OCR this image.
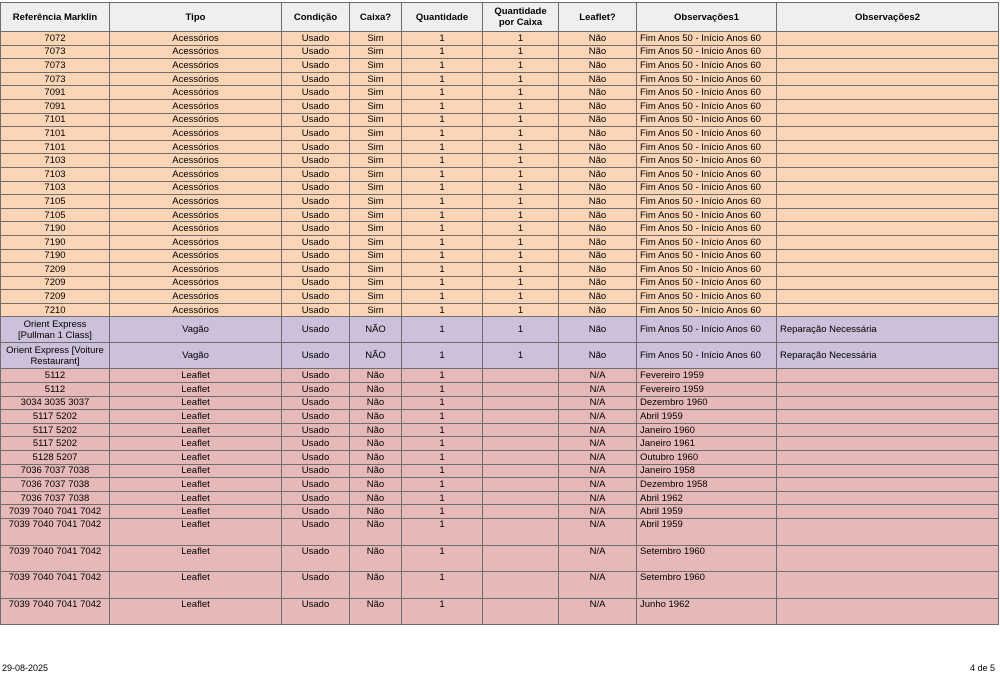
Referência Marklin	Tipo	Condição	Caixa?	Quantidade	Quantidade por Caixa	Leaflet?	Observações1	Observações2
7072	Acessórios	Usado	Sim	1	1	Não	Fim Anos 50 - Início Anos 60	
7073	Acessórios	Usado	Sim	1	1	Não	Fim Anos 50 - Início Anos 60	
7073	Acessórios	Usado	Sim	1	1	Não	Fim Anos 50 - Início Anos 60	
7073	Acessórios	Usado	Sim	1	1	Não	Fim Anos 50 - Início Anos 60	
7091	Acessórios	Usado	Sim	1	1	Não	Fim Anos 50 - Início Anos 60	
7091	Acessórios	Usado	Sim	1	1	Não	Fim Anos 50 - Início Anos 60	
7101	Acessórios	Usado	Sim	1	1	Não	Fim Anos 50 - Início Anos 60	
7101	Acessórios	Usado	Sim	1	1	Não	Fim Anos 50 - Início Anos 60	
7101	Acessórios	Usado	Sim	1	1	Não	Fim Anos 50 - Início Anos 60	
7103	Acessórios	Usado	Sim	1	1	Não	Fim Anos 50 - Início Anos 60	
7103	Acessórios	Usado	Sim	1	1	Não	Fim Anos 50 - Início Anos 60	
7103	Acessórios	Usado	Sim	1	1	Não	Fim Anos 50 - Início Anos 60	
7105	Acessórios	Usado	Sim	1	1	Não	Fim Anos 50 - Início Anos 60	
7105	Acessórios	Usado	Sim	1	1	Não	Fim Anos 50 - Início Anos 60	
7190	Acessórios	Usado	Sim	1	1	Não	Fim Anos 50 - Início Anos 60	
7190	Acessórios	Usado	Sim	1	1	Não	Fim Anos 50 - Início Anos 60	
7190	Acessórios	Usado	Sim	1	1	Não	Fim Anos 50 - Início Anos 60	
7209	Acessórios	Usado	Sim	1	1	Não	Fim Anos 50 - Início Anos 60	
7209	Acessórios	Usado	Sim	1	1	Não	Fim Anos 50 - Início Anos 60	
7209	Acessórios	Usado	Sim	1	1	Não	Fim Anos 50 - Início Anos 60	
7210	Acessórios	Usado	Sim	1	1	Não	Fim Anos 50 - Início Anos 60	
Orient Express [Pullman 1 Class]	Vagão	Usado	NÃO	1	1	Não	Fim Anos 50 - Início Anos 60	Reparação Necessária
Orient Express [Voiture Restaurant]	Vagão	Usado	NÃO	1	1	Não	Fim Anos 50 - Início Anos 60	Reparação Necessária
5112	Leaflet	Usado	Não	1		N/A	Fevereiro 1959	
5112	Leaflet	Usado	Não	1		N/A	Fevereiro 1959	
3034 3035 3037	Leaflet	Usado	Não	1		N/A	Dezembro 1960	
5117 5202	Leaflet	Usado	Não	1		N/A	Abril 1959	
5117 5202	Leaflet	Usado	Não	1		N/A	Janeiro 1960	
5117 5202	Leaflet	Usado	Não	1		N/A	Janeiro 1961	
5128 5207	Leaflet	Usado	Não	1		N/A	Outubro 1960	
7036 7037 7038	Leaflet	Usado	Não	1		N/A	Janeiro 1958	
7036 7037 7038	Leaflet	Usado	Não	1		N/A	Dezembro 1958	
7036 7037 7038	Leaflet	Usado	Não	1		N/A	Abril 1962	
7039 7040 7041 7042	Leaflet	Usado	Não	1		N/A	Abril 1959	
7039 7040 7041 7042	Leaflet	Usado	Não	1		N/A	Abril 1959	
7039 7040 7041 7042	Leaflet	Usado	Não	1		N/A	Setembro 1960	
7039 7040 7041 7042	Leaflet	Usado	Não	1		N/A	Setembro 1960	
7039 7040 7041 7042	Leaflet	Usado	Não	1		N/A	Junho 1962	
29-08-2025	4 de 5
